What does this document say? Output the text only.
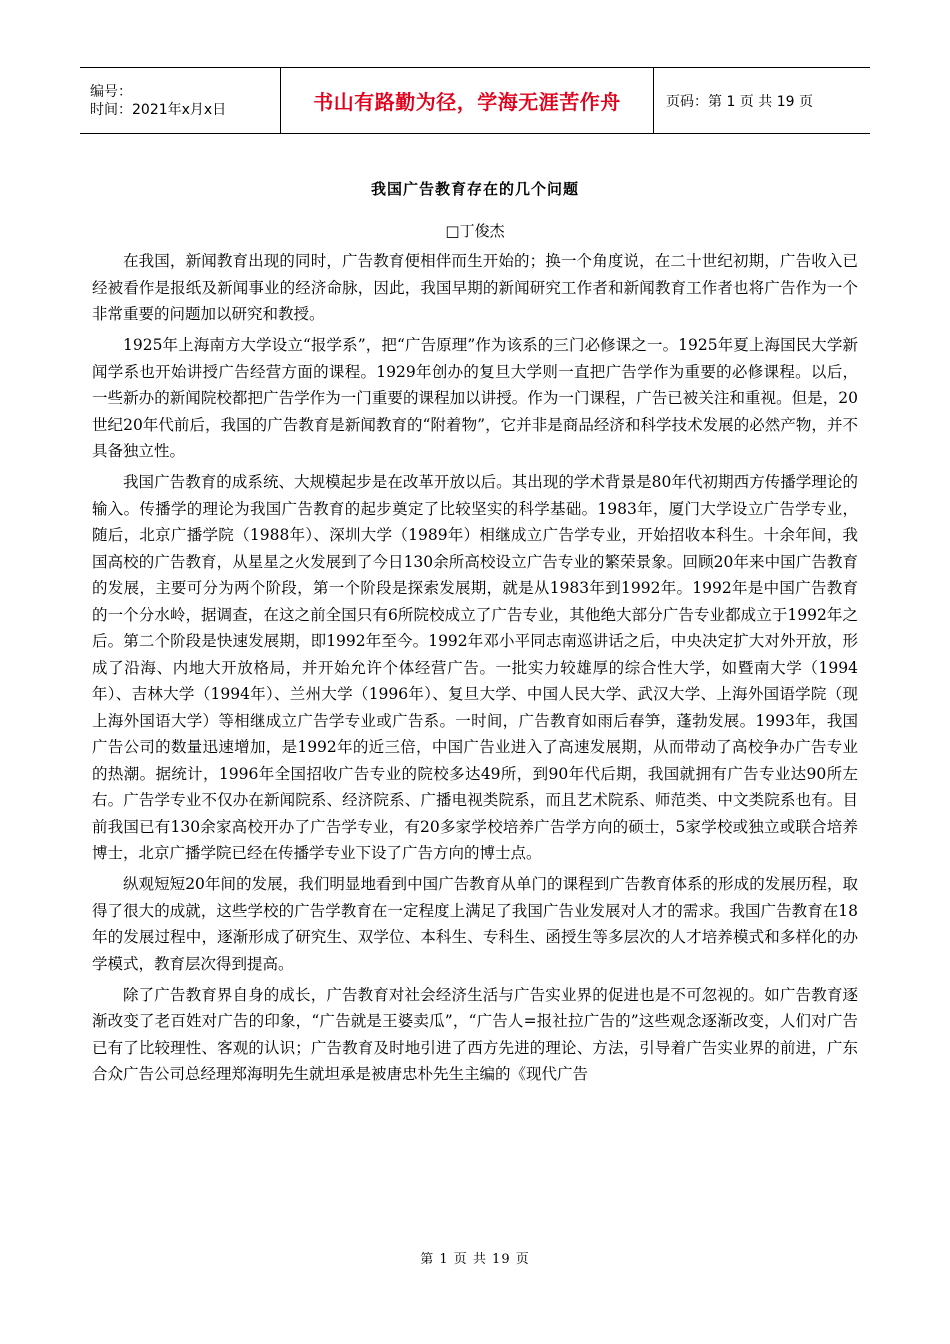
编号：
时间：2021年x月x日	书山有路勤为径，学海无涯苦作舟	页码：第 1 页 共 19 页
我国广告教育存在的几个问题
□丁俊杰

在我国，新闻教育出现的同时，广告教育便相伴而生开始的；换一个角度说，在二十世纪初期，广告收入已经被看作是报纸及新闻事业的经济命脉，因此，我国早期的新闻研究工作者和新闻教育工作者也将广告作为一个非常重要的问题加以研究和教授。

1925年上海南方大学设立“报学系”，把“广告原理”作为该系的三门必修课之一。1925年夏上海国民大学新闻学系也开始讲授广告经营方面的课程。1929年创办的复旦大学则一直把广告学作为重要的必修课程。以后，一些新办的新闻院校都把广告学作为一门重要的课程加以讲授。作为一门课程，广告已被关注和重视。但是，20世纪20年代前后，我国的广告教育是新闻教育的“附着物”，它并非是商品经济和科学技术发展的必然产物，并不具备独立性。

我国广告教育的成系统、大规模起步是在改革开放以后。其出现的学术背景是80年代初期西方传播学理论的输入。传播学的理论为我国广告教育的起步奠定了比较坚实的科学基础。1983年，厦门大学设立广告学专业，随后，北京广播学院（1988年）、深圳大学（1989年）相继成立广告学专业，开始招收本科生。十余年间，我国高校的广告教育，从星星之火发展到了今日130余所高校设立广告专业的繁荣景象。回顾20年来中国广告教育的发展，主要可分为两个阶段，第一个阶段是探索发展期，就是从1983年到1992年。1992年是中国广告教育的一个分水岭，据调查，在这之前全国只有6所院校成立了广告专业，其他绝大部分广告专业都成立于1992年之后。第二个阶段是快速发展期，即1992年至今。1992年邓小平同志南巡讲话之后，中央决定扩大对外开放，形成了沿海、内地大开放格局，并开始允许个体经营广告。一批实力较雄厚的综合性大学，如暨南大学（1994年）、吉林大学（1994年）、兰州大学（1996年）、复旦大学、中国人民大学、武汉大学、上海外国语学院（现上海外国语大学）等相继成立广告学专业或广告系。一时间，广告教育如雨后春笋，蓬勃发展。1993年，我国广告公司的数量迅速增加，是1992年的近三倍，中国广告业进入了高速发展期，从而带动了高校争办广告专业的热潮。据统计，1996年全国招收广告专业的院校多达49所，到90年代后期，我国就拥有广告专业达90所左右。广告学专业不仅办在新闻院系、经济院系、广播电视类院系，而且艺术院系、师范类、中文类院系也有。目前我国已有130余家高校开办了广告学专业，有20多家学校培养广告学方向的硕士，5家学校或独立或联合培养博士，北京广播学院已经在传播学专业下设了广告方向的博士点。

纵观短短20年间的发展，我们明显地看到中国广告教育从单门的课程到广告教育体系的形成的发展历程，取得了很大的成就，这些学校的广告学教育在一定程度上满足了我国广告业发展对人才的需求。我国广告教育在18年的发展过程中，逐渐形成了研究生、双学位、本科生、专科生、函授生等多层次的人才培养模式和多样化的办学模式，教育层次得到提高。

除了广告教育界自身的成长，广告教育对社会经济生活与广告实业界的促进也是不可忽视的。如广告教育逐渐改变了老百姓对广告的印象，“广告就是王婆卖瓜”，“广告人=报社拉广告的”这些观念逐渐改变，人们对广告已有了比较理性、客观的认识；广告教育及时地引进了西方先进的理论、方法，引导着广告实业界的前进，广东合众广告公司总经理郑海明先生就坦承是被唐忠朴先生主编的《现代广告

第 1 页 共 19 页
